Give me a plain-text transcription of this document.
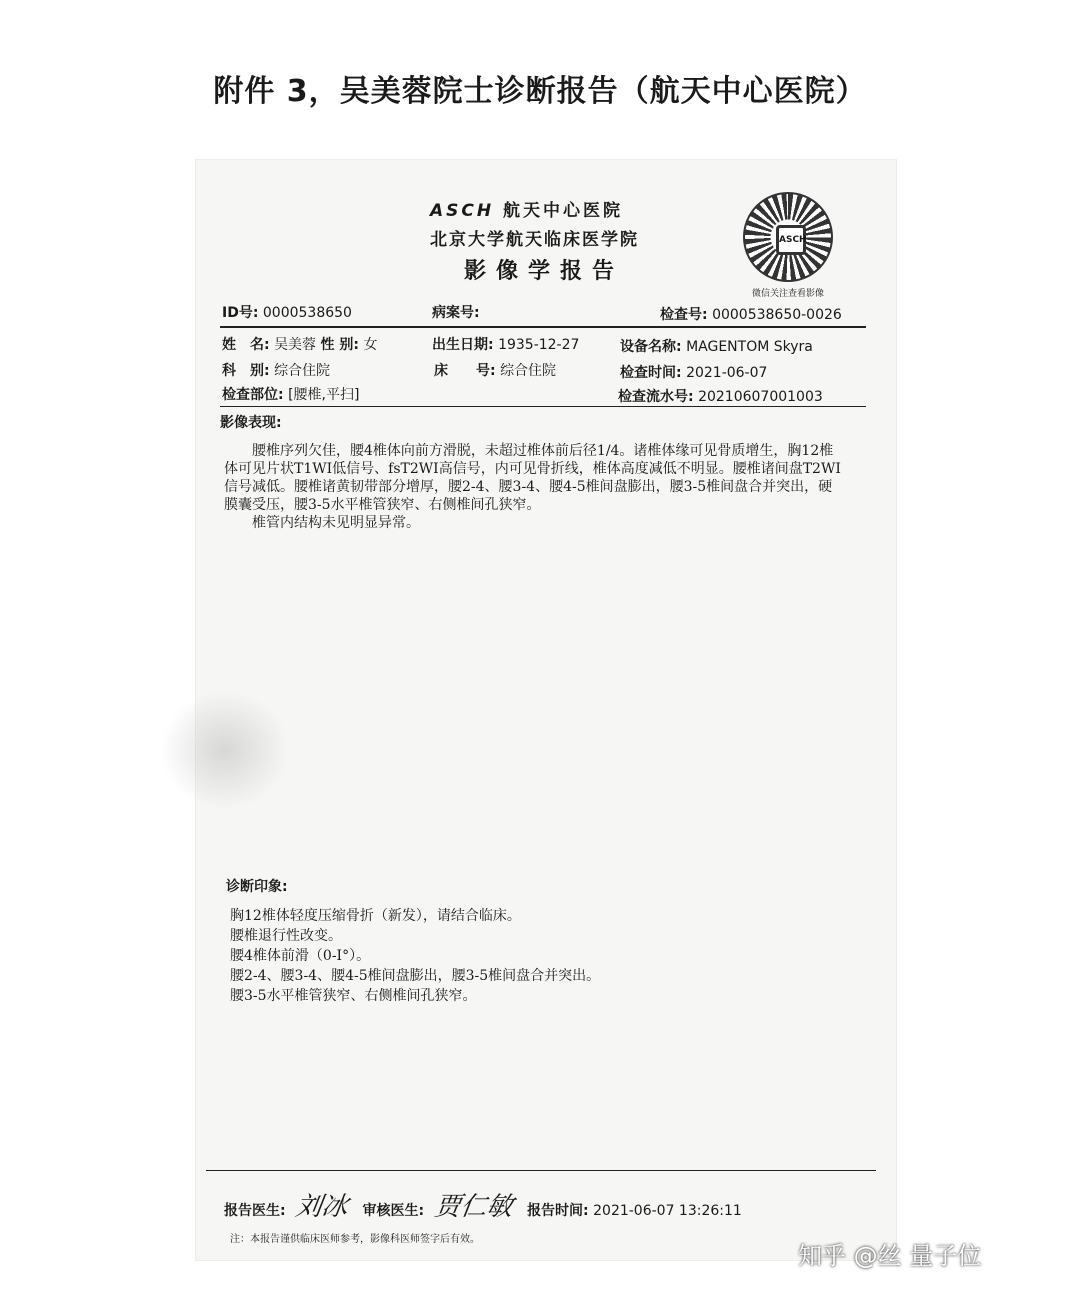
附件 3，吴美蓉院士诊断报告（航天中心医院）
ASCH 航天中心医院
北京大学航天临床医学院
影像学报告
ASCH
微信关注查看影像
ID号: 0000538650	病案号:	检查号: 0000538650-0026
姓　名: 吴美蓉 性 别: 女	出生日期: 1935-12-27	设备名称: MAGENTOM Skyra
科　别: 综合住院	床　　号: 综合住院	检查时间: 2021-06-07
检查部位: [腰椎,平扫]	检查流水号: 20210607001003
影像表现:

腰椎序列欠佳，腰4椎体向前方滑脱，未超过椎体前后径1/4。诸椎体缘可见骨质增生，胸12椎体可见片状T1WI低信号、fsT2WI高信号，内可见骨折线，椎体高度减低不明显。腰椎诸间盘T2WI信号减低。腰椎诸黄韧带部分增厚，腰2-4、腰3-4、腰4-5椎间盘膨出，腰3-5椎间盘合并突出，硬膜囊受压，腰3-5水平椎管狭窄、右侧椎间孔狭窄。

椎管内结构未见明显异常。

诊断印象:
胸12椎体轻度压缩骨折（新发），请结合临床。
腰椎退行性改变。
腰4椎体前滑（0-I°）。
腰2-4、腰3-4、腰4-5椎间盘膨出，腰3-5椎间盘合并突出。
腰3-5水平椎管狭窄、右侧椎间孔狭窄。
报告医生: 刘冰 审核医生: 贾仁敏 报告时间: 2021-06-07 13:26:11
注：本报告谨供临床医师参考，影像科医师签字后有效。
知乎 @丝 量子位
